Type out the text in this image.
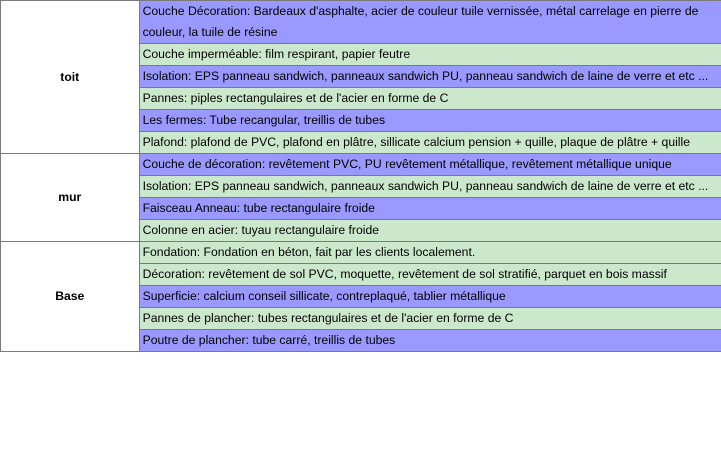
toit	Couche Décoration: Bardeaux d'asphalte, acier de couleur tuile vernissée, métal carrelage en pierre de couleur, la tuile de résine
	Couche imperméable: film respirant, papier feutre
	Isolation: EPS panneau sandwich, panneaux sandwich PU, panneau sandwich de laine de verre et etc ...
	Pannes: piples rectangulaires et de l'acier en forme de C
	Les fermes: Tube recangular, treillis de tubes
	Plafond: plafond de PVC, plafond en plâtre, sillicate calcium pension + quille, plaque de plâtre + quille
mur	Couche de décoration: revêtement PVC, PU revêtement métallique, revêtement métallique unique
	Isolation: EPS panneau sandwich, panneaux sandwich PU, panneau sandwich de laine de verre et etc ...
	Faisceau Anneau: tube rectangulaire froide
	Colonne en acier: tuyau rectangulaire froide
Base	Fondation: Fondation en béton, fait par les clients localement.
	Décoration: revêtement de sol PVC, moquette, revêtement de sol stratifié, parquet en bois massif
	Superficie: calcium conseil sillicate, contreplaqué, tablier métallique
	Pannes de plancher: tubes rectangulaires et de l'acier en forme de C
	Poutre de plancher: tube carré, treillis de tubes
